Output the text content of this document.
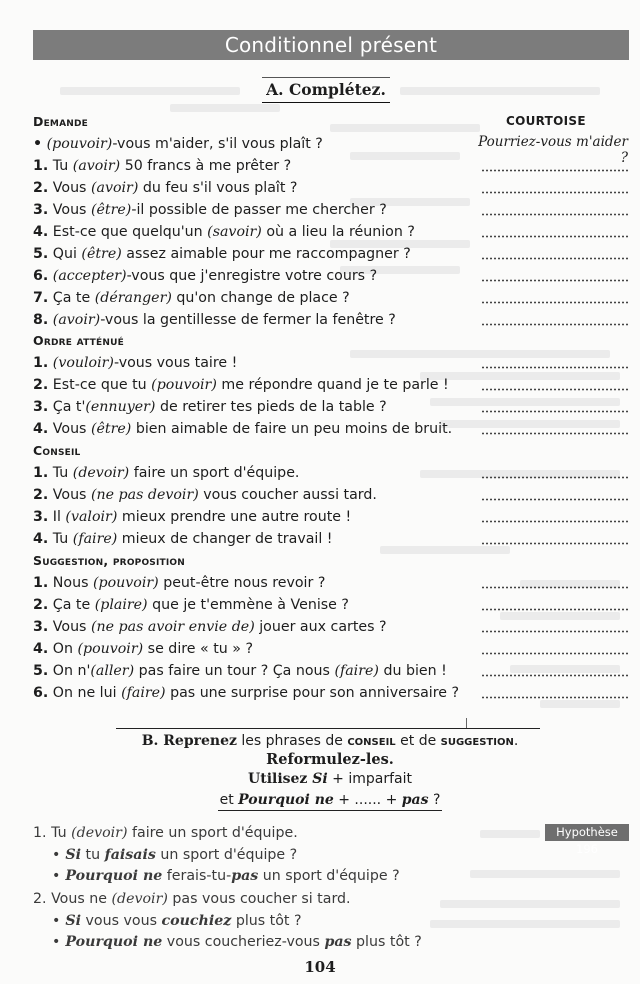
Conditionnel présent
A. Complétez.
COURTOISE
Pourriez-vous m'aider ?
Demande
• (pouvoir)-vous m'aider, s'il vous plaît ?
1. Tu (avoir) 50 francs à me prêter ?
2. Vous (avoir) du feu s'il vous plaît ?
3. Vous (être)-il possible de passer me chercher ?
4. Est-ce que quelqu'un (savoir) où a lieu la réunion ?
5. Qui (être) assez aimable pour me raccompagner ?
6. (accepter)-vous que j'enregistre votre cours ?
7. Ça te (déranger) qu'on change de place ?
8. (avoir)-vous la gentillesse de fermer la fenêtre ?
Ordre atténué
1. (vouloir)-vous vous taire !
2. Est-ce que tu (pouvoir) me répondre quand je te parle !
3. Ça t'(ennuyer) de retirer tes pieds de la table ?
4. Vous (être) bien aimable de faire un peu moins de bruit.
Conseil
1. Tu (devoir) faire un sport d'équipe.
2. Vous (ne pas devoir) vous coucher aussi tard.
3. Il (valoir) mieux prendre une autre route !
4. Tu (faire) mieux de changer de travail !
Suggestion, proposition
1. Nous (pouvoir) peut-être nous revoir ?
2. Ça te (plaire) que je t'emmène à Venise ?
3. Vous (ne pas avoir envie de) jouer aux cartes ?
4. On (pouvoir) se dire « tu » ?
5. On n'(aller) pas faire un tour ? Ça nous (faire) du bien !
6. On ne lui (faire) pas une surprise pour son anniversaire ?
B. Reprenez les phrases de conseil et de suggestion.
Reformulez-les.
Utilisez Si + imparfait
et Pourquoi ne + ...... + pas ?
Hypothèse 196
1. Tu (devoir) faire un sport d'équipe.
• Si tu faisais un sport d'équipe ?
• Pourquoi ne ferais-tu-pas un sport d'équipe ?
2. Vous ne (devoir) pas vous coucher si tard.
• Si vous vous couchiez plus tôt ?
• Pourquoi ne vous coucheriez-vous pas plus tôt ?
104
